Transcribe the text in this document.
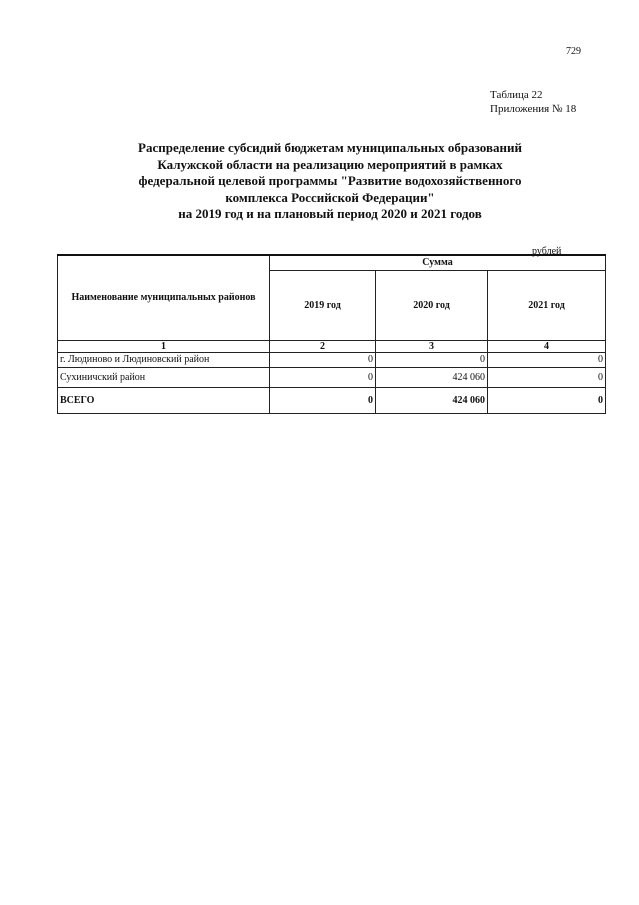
729
Таблица 22
Приложения № 18
Распределение субсидий бюджетам муниципальных образований
Калужской области на реализацию мероприятий в рамках
федеральной целевой программы "Развитие водохозяйственного
комплекса Российской Федерации"
на 2019 год и на плановый период 2020 и 2021 годов
рублей
Наименование муниципальных районов	Сумма		
	2019 год	2020 год	2021 год
1	2	3	4
г. Людиново и Людиновский район	0	0	0
Сухиничский район	0	424 060	0
ВСЕГО	0	424 060	0
